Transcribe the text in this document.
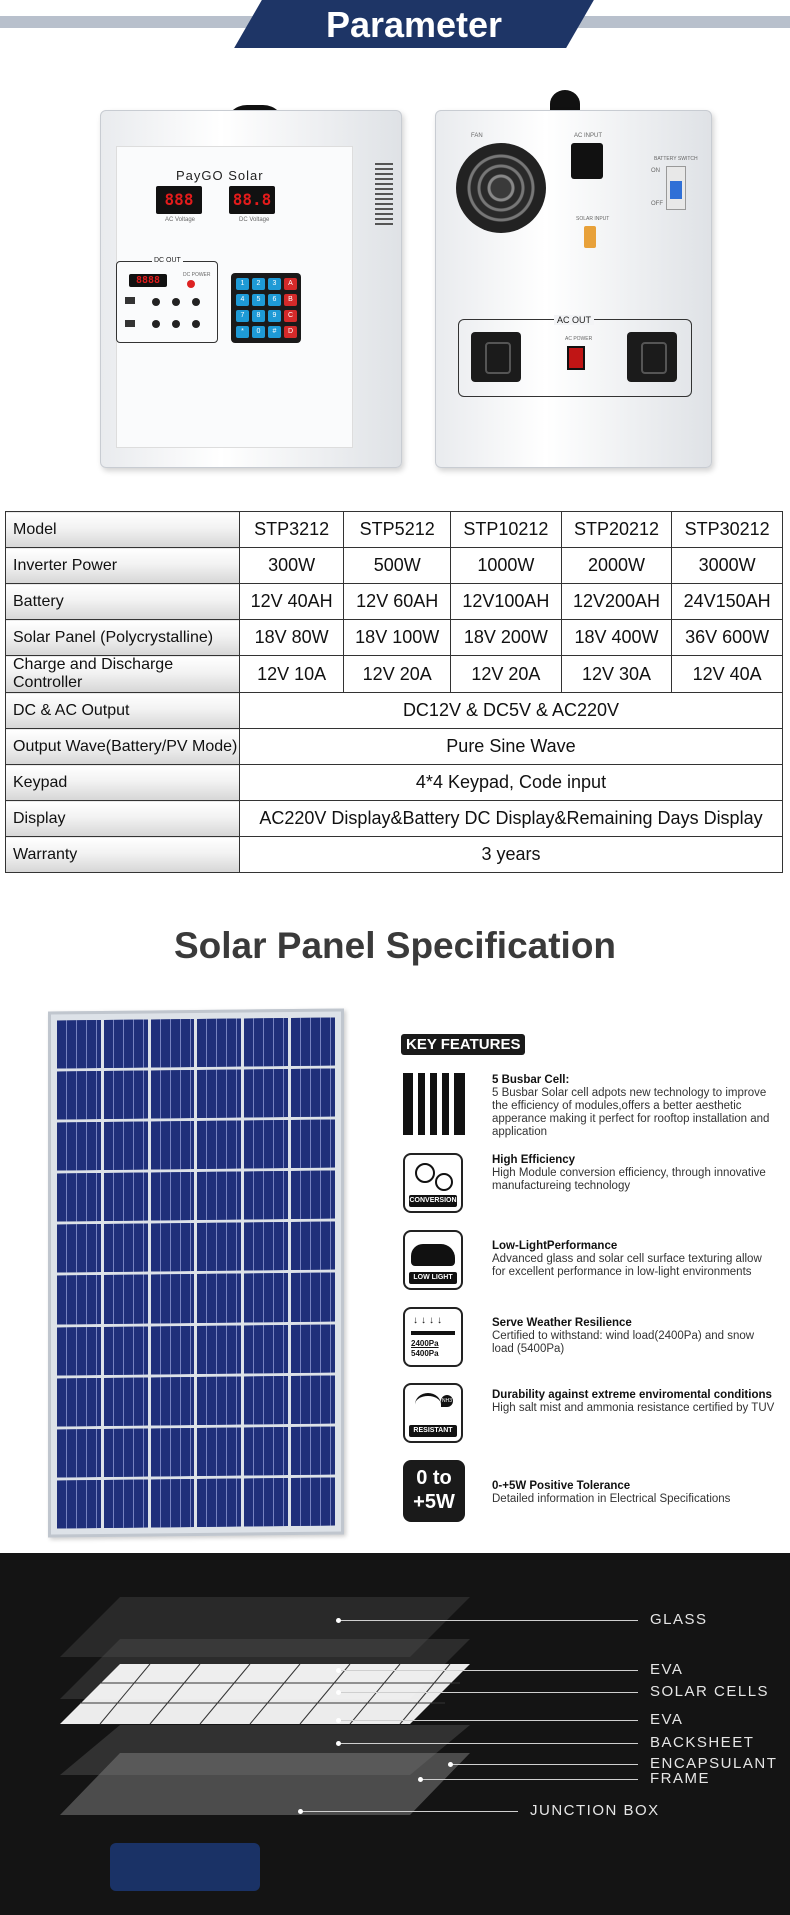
Parameter
PayGO Solar
888	88.8
AC Voltage	DC Voltage
DC OUT
8888	DC POWER
1	2	3	A
4	5	6	B
7	8	9	C
*	0	#	D
FAN	AC INPUT
BATTERY SWITCH
ON
OFF
SOLAR INPUT
AC OUT
AC POWER
Model	STP3212	STP5212	STP10212	STP20212	STP30212
Inverter Power	300W	500W	1000W	2000W	3000W
Battery	12V 40AH	12V 60AH	12V100AH	12V200AH	24V150AH
Solar Panel (Polycrystalline)	18V 80W	18V 100W	18V 200W	18V 400W	36V 600W
Charge and Discharge Controller	12V 10A	12V 20A	12V 20A	12V 30A	12V 40A
DC & AC Output	DC12V & DC5V & AC220V				
Output Wave(Battery/PV Mode)	Pure Sine Wave				
Keypad	4*4 Keypad, Code input				
Display	AC220V Display&Battery DC Display&Remaining Days Display				
Warranty	3 years				
Solar Panel Specification
KEY FEATURES
5 Busbar Cell:
5 Busbar Solar cell adpots new technology to improve the efficiency of modules,offers a better aesthetic apperance making it perfect for rooftop installation and application
CONVERSION
High Efficiency
High Module conversion efficiency, through innovative manufactureing technology
LOW LIGHT
Low-LightPerformance
Advanced glass and solar cell surface texturing allow for excellent performance in low-light environments
↓↓↓↓
2400Pa
5400Pa
Serve Weather Resilience
Certified to withstand: wind load(2400Pa) and snow load (5400Pa)
NH3
RESISTANT
Durability against extreme enviromental conditions
High salt mist and ammonia resistance certified by TUV
0 to
+5W
0-+5W Positive Tolerance
Detailed information in Electrical Specifications
GLASS
EVA
SOLAR CELLS
EVA
BACKSHEET
ENCAPSULANT
FRAME
JUNCTION BOX
